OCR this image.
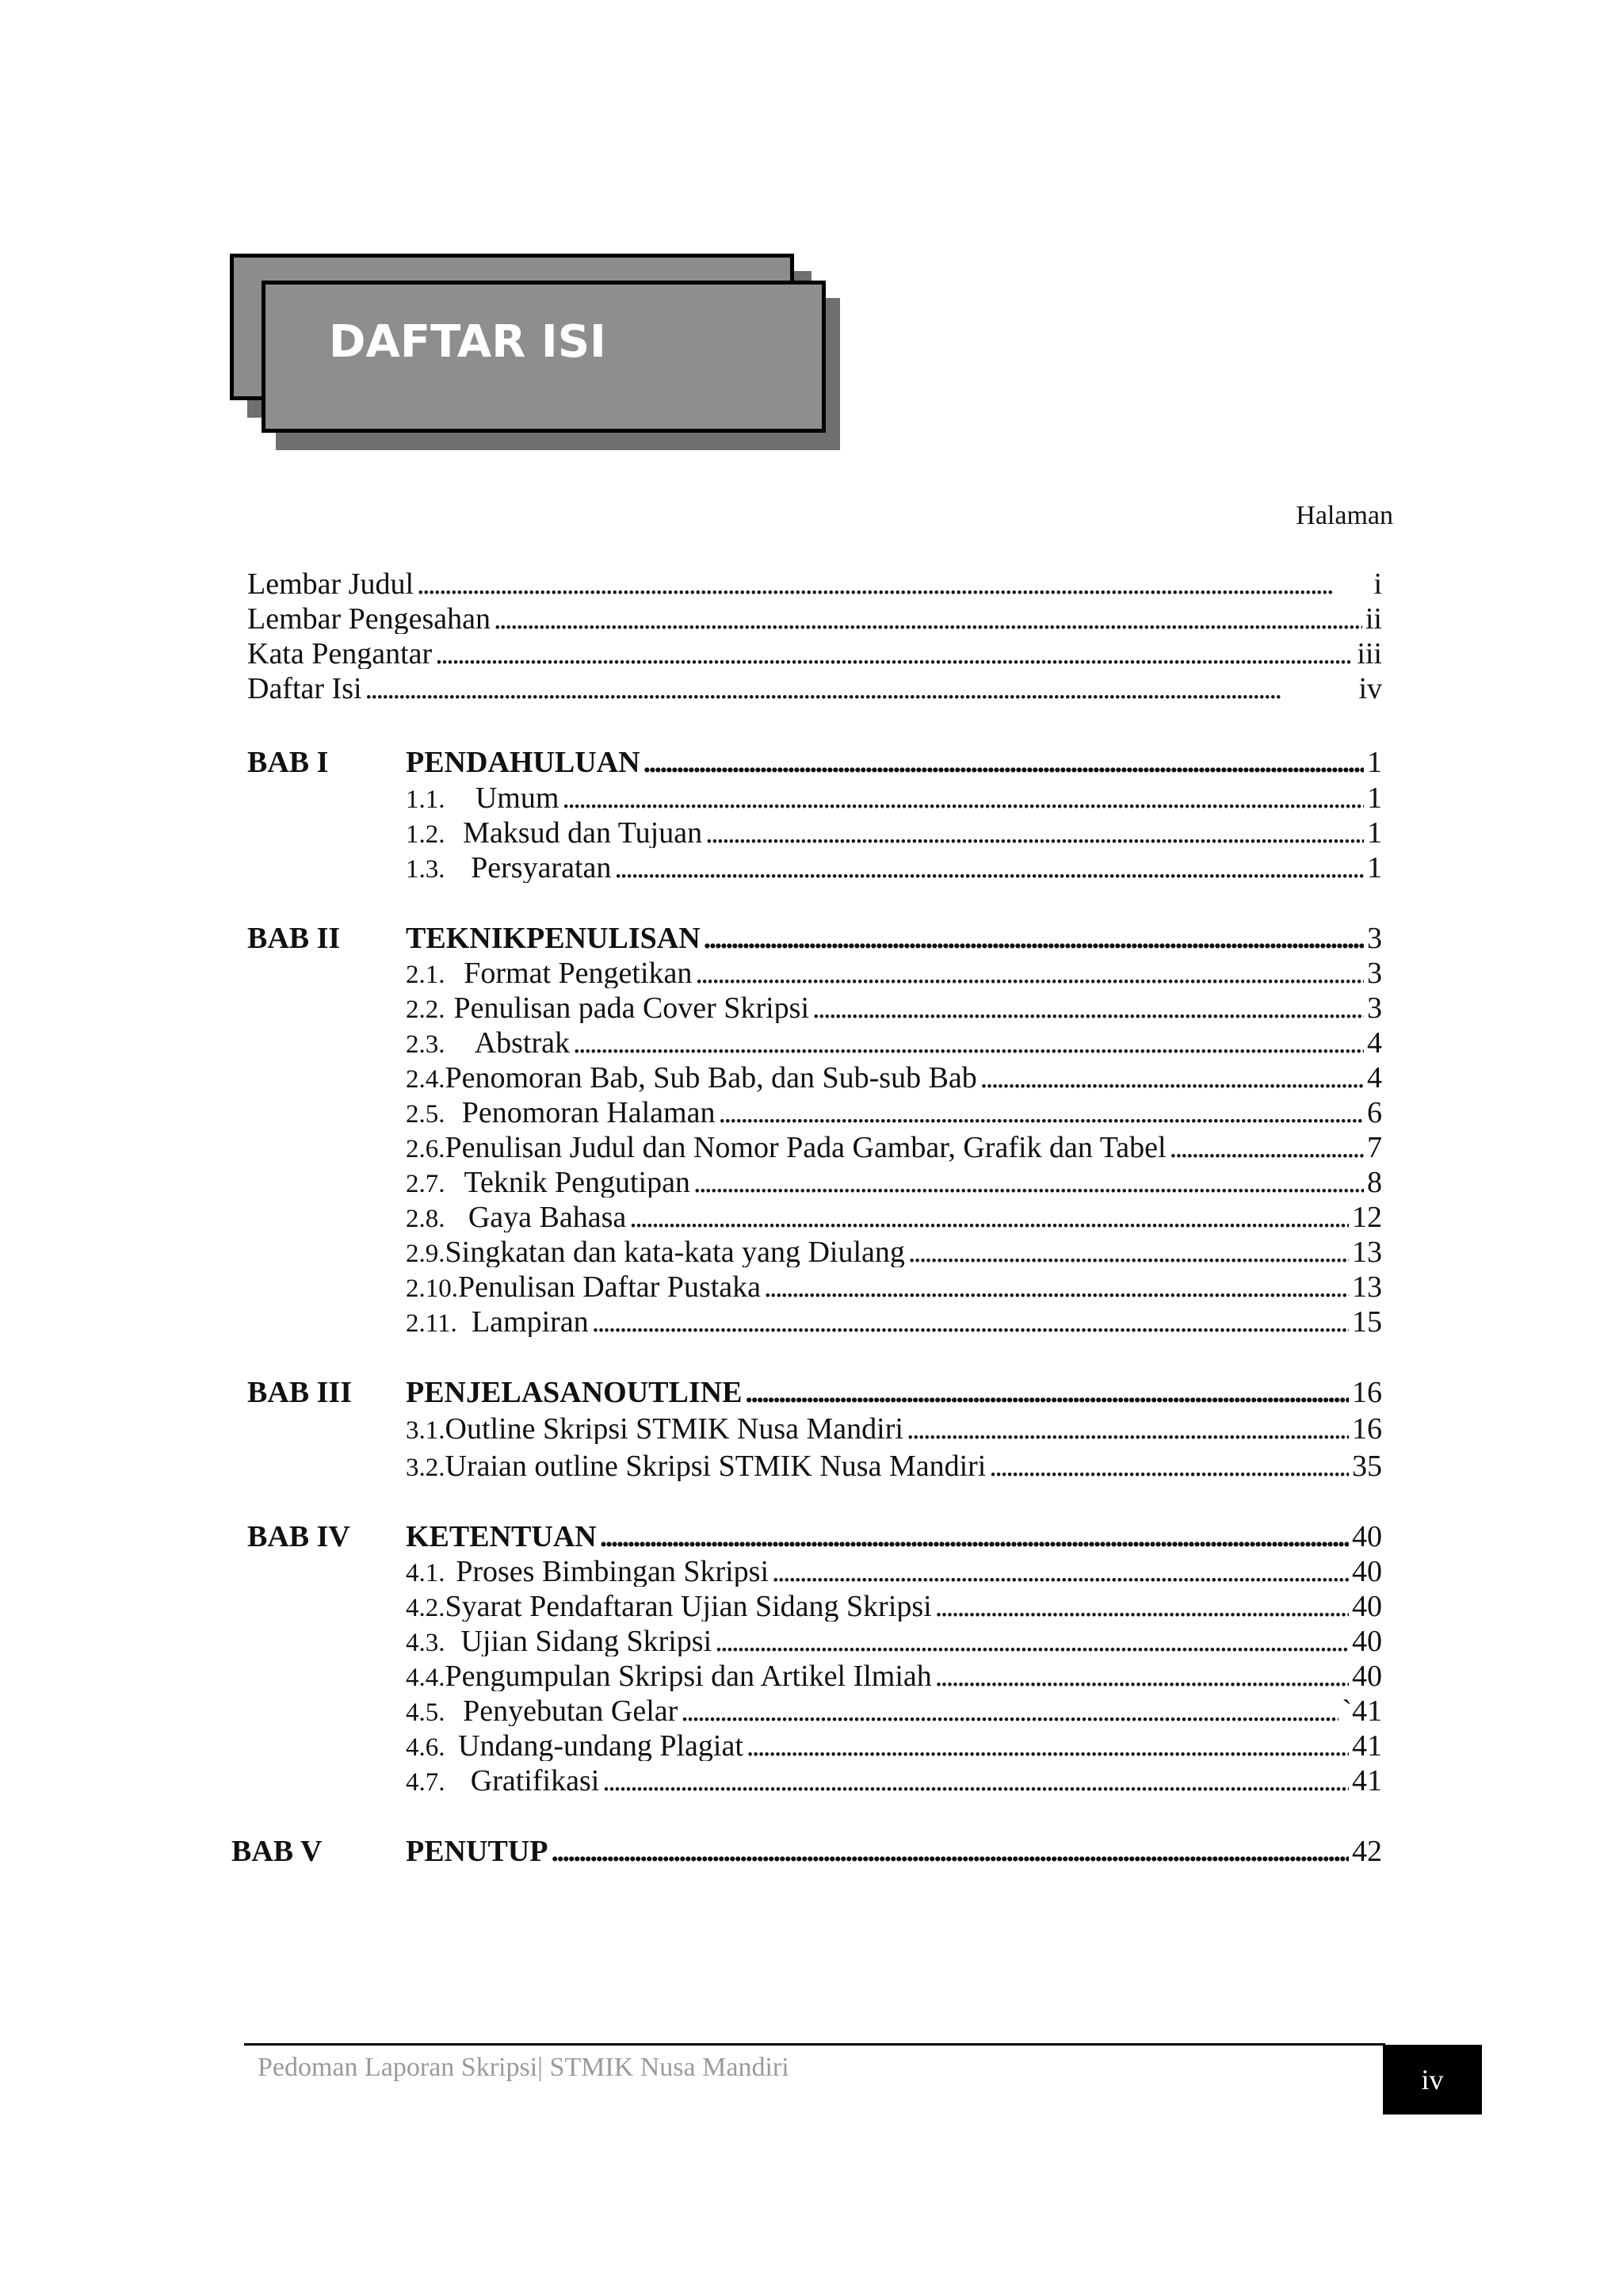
DAFTAR ISI
Halaman
Lembar Judul . . .	i
Lembar Pengesahan . . .	ii
Kata Pengantar . . .	iii
Daftar Isi . . .	iv
BAB I	PENDAHULUAN . . .	1
1.1.	Umum . . .	1
1.2. Maksud dan Tujuan . . .	1
1.3. Persyaratan . . .	1
BAB II TEKNIKPENULISAN . . .	3
2.1. Format Pengetikan . . .	3
2.2. Penulisan pada Cover Skripsi . . .	3
2.3. Abstrak . . .	4
2.4. Penomoran Bab, Sub Bab, dan Sub-sub Bab . . .	4
2.5. Penomoran Halaman . . .	6
2.6. Penulisan Judul dan Nomor Pada Gambar, Grafik dan Tabel . . .	7
2.7. Teknik Pengutipan . . .	8
2.8. Gaya Bahasa . . .	12
2.9. Singkatan dan kata-kata yang Diulang . . .	13
2.10. Penulisan Daftar Pustaka . . .	13
2.11. Lampiran . . .	15
BAB III PENJELASANOUTLINE . . .	16
3.1. Outline Skripsi STMIK Nusa Mandiri . . .	16
3.2. Uraian outline Skripsi STMIK Nusa Mandiri . . .	35
BAB IV KETENTUAN . . .	40
4.1. Proses Bimbingan Skripsi . . .	40
4.2. Syarat Pendaftaran Ujian Sidang Skripsi . . .	40
4.3. Ujian Sidang Skripsi . . .	40
4.4. Pengumpulan Skripsi dan Artikel Ilmiah . . .	40
4.5. Penyebutan Gelar . . .	`41
4.6. Undang-undang Plagiat . . .	41
4.7. Gratifikasi . . .	41
BAB V	PENUTUP . . .	42
Pedoman Laporan Skripsi| STMIK Nusa Mandiri	iv
